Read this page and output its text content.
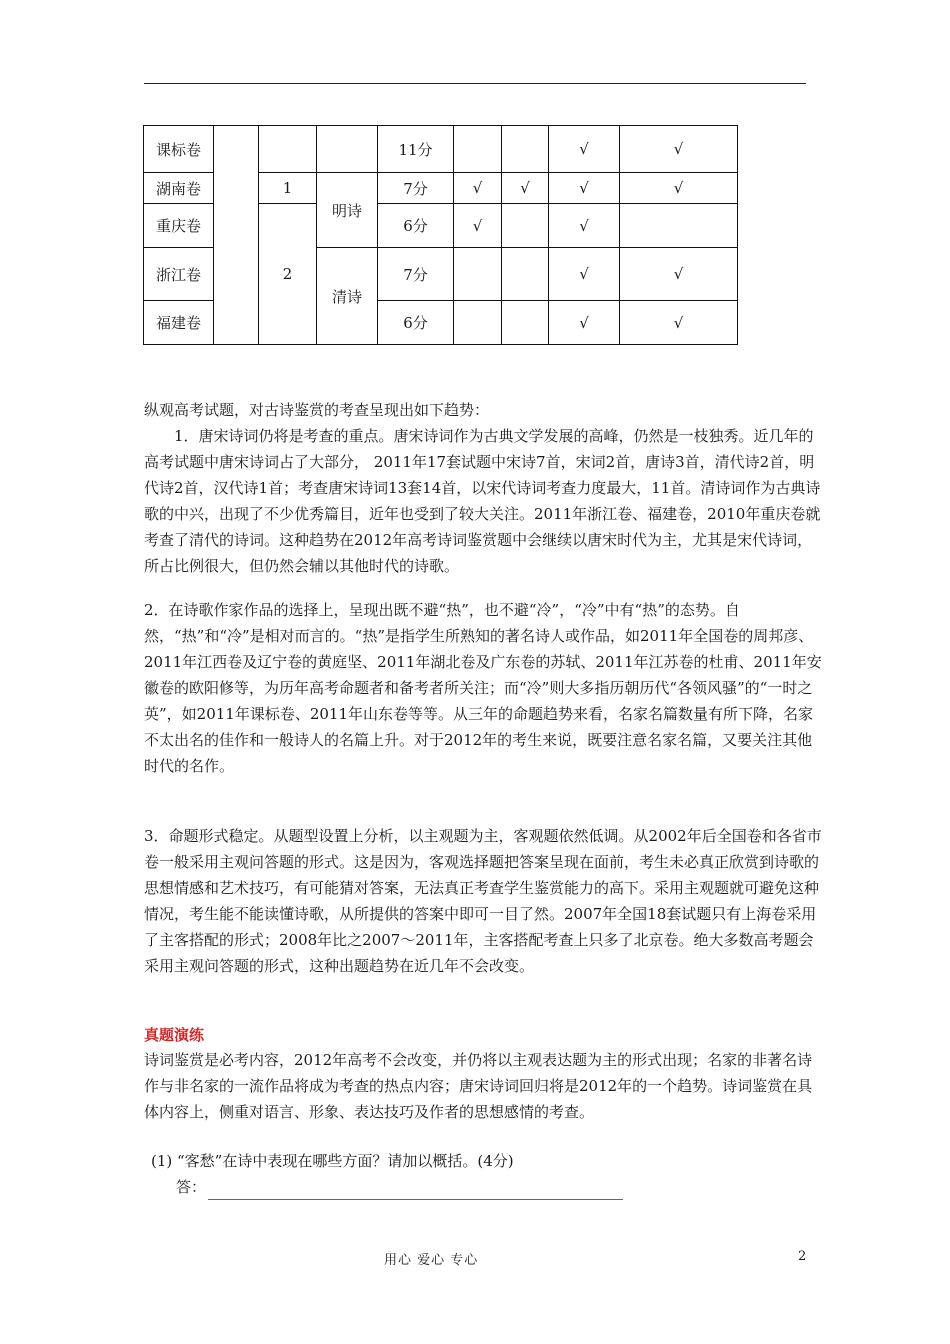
课标卷				11分			√	√
湖南卷		1	明诗	7分	√	√	√	√
重庆卷		2		6分	√		√	
浙江卷			清诗	7分			√	√
福建卷				6分			√	√

纵观高考试题，对古诗鉴赏的考查呈现出如下趋势：

1．唐宋诗词仍将是考查的重点。唐宋诗词作为古典文学发展的高峰，仍然是一枝独秀。近几年的高考试题中唐宋诗词占了大部分， 2011年17套试题中宋诗7首，宋词2首，唐诗3首，清代诗2首，明代诗2首，汉代诗1首；考查唐宋诗词13套14首，以宋代诗词考查力度最大，11首。清诗词作为古典诗歌的中兴，出现了不少优秀篇目，近年也受到了较大关注。2011年浙江卷、福建卷，2010年重庆卷就考查了清代的诗词。这种趋势在2012年高考诗词鉴赏题中会继续以唐宋时代为主，尤其是宋代诗词，所占比例很大，但仍然会辅以其他时代的诗歌。

2．在诗歌作家作品的选择上，呈现出既不避“热”，也不避“冷”，“冷”中有“热”的态势。自然，“热”和“冷”是相对而言的。“热”是指学生所熟知的著名诗人或作品，如2011年全国卷的周邦彦、2011年江西卷及辽宁卷的黄庭坚、2011年湖北卷及广东卷的苏轼、2011年江苏卷的杜甫、2011年安徽卷的欧阳修等，为历年高考命题者和备考者所关注；而“冷”则大多指历朝历代“各领风骚”的“一时之英”，如2011年课标卷、2011年山东卷等等。从三年的命题趋势来看，名家名篇数量有所下降，名家不太出名的佳作和一般诗人的名篇上升。对于2012年的考生来说，既要注意名家名篇，又要关注其他时代的名作。
3．命题形式稳定。从题型设置上分析，以主观题为主，客观题依然低调。从2002年后全国卷和各省市卷一般采用主观问答题的形式。这是因为，客观选择题把答案呈现在面前，考生未必真正欣赏到诗歌的思想情感和艺术技巧，有可能猜对答案，无法真正考查学生鉴赏能力的高下。采用主观题就可避免这种情况，考生能不能读懂诗歌，从所提供的答案中即可一目了然。2007年全国18套试题只有上海卷采用了主客搭配的形式；2008年比之2007～2011年，主客搭配考查上只多了北京卷。绝大多数高考题会采用主观问答题的形式，这种出题趋势在近几年不会改变。
真题演练
诗词鉴赏是必考内容，2012年高考不会改变，并仍将以主观表达题为主的形式出现；名家的非著名诗作与非名家的一流作品将成为考查的热点内容；唐宋诗词回归将是2012年的一个趋势。诗词鉴赏在具体内容上，侧重对语言、形象、表达技巧及作者的思想感情的考查。
(1) “客愁”在诗中表现在哪些方面？请加以概括。(4分)
答：
用心 爱心 专心	2
